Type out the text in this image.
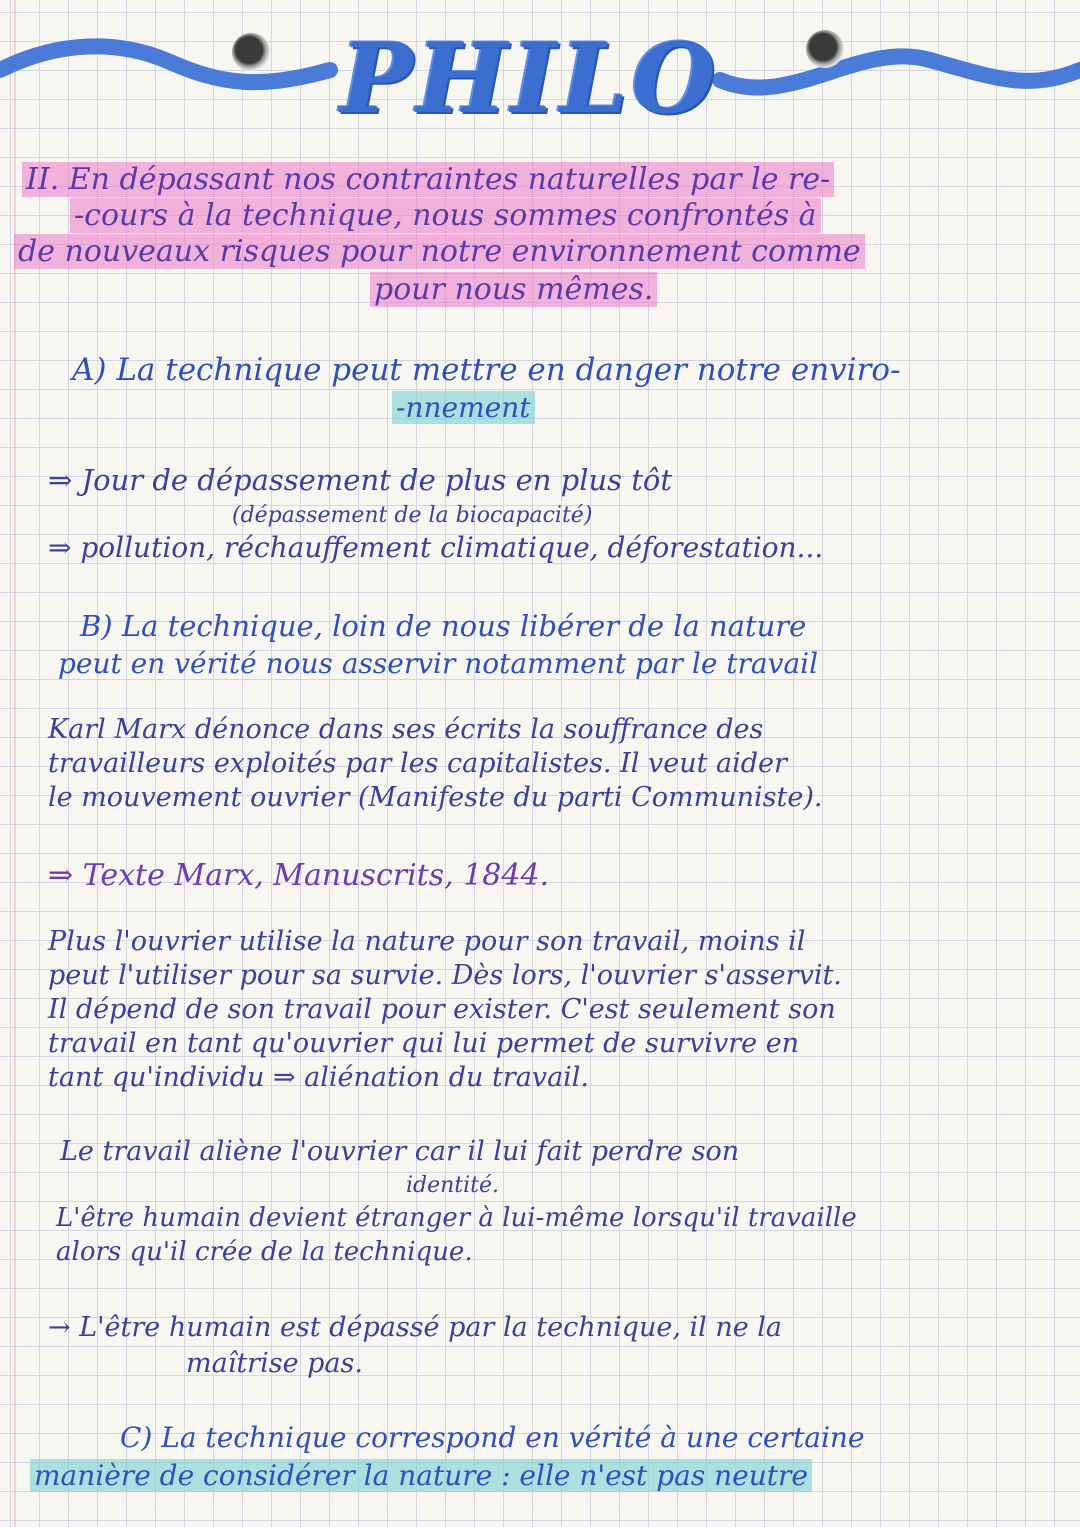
PHILO
II. En dépassant nos contraintes naturelles par le re-
-cours à la technique, nous sommes confrontés à
de nouveaux risques pour notre environnement comme
pour nous mêmes.
A) La technique peut mettre en danger notre enviro-
-nnement
⇒ Jour de dépassement de plus en plus tôt
(dépassement de la biocapacité)
⇒ pollution, réchauffement climatique, déforestation...
B) La technique, loin de nous libérer de la nature
peut en vérité nous asservir notamment par le travail
Karl Marx dénonce dans ses écrits la souffrance des
travailleurs exploités par les capitalistes. Il veut aider
le mouvement ouvrier (Manifeste du parti Communiste).
⇒ Texte Marx, Manuscrits, 1844.
Plus l'ouvrier utilise la nature pour son travail, moins il
peut l'utiliser pour sa survie. Dès lors, l'ouvrier s'asservit.
Il dépend de son travail pour exister. C'est seulement son
travail en tant qu'ouvrier qui lui permet de survivre en
tant qu'individu ⇒ aliénation du travail.
Le travail aliène l'ouvrier car il lui fait perdre son
identité.
L'être humain devient étranger à lui-même lorsqu'il travaille
alors qu'il crée de la technique.
→ L'être humain est dépassé par la technique, il ne la
maîtrise pas.
C) La technique correspond en vérité à une certaine
manière de considérer la nature : elle n'est pas neutre
